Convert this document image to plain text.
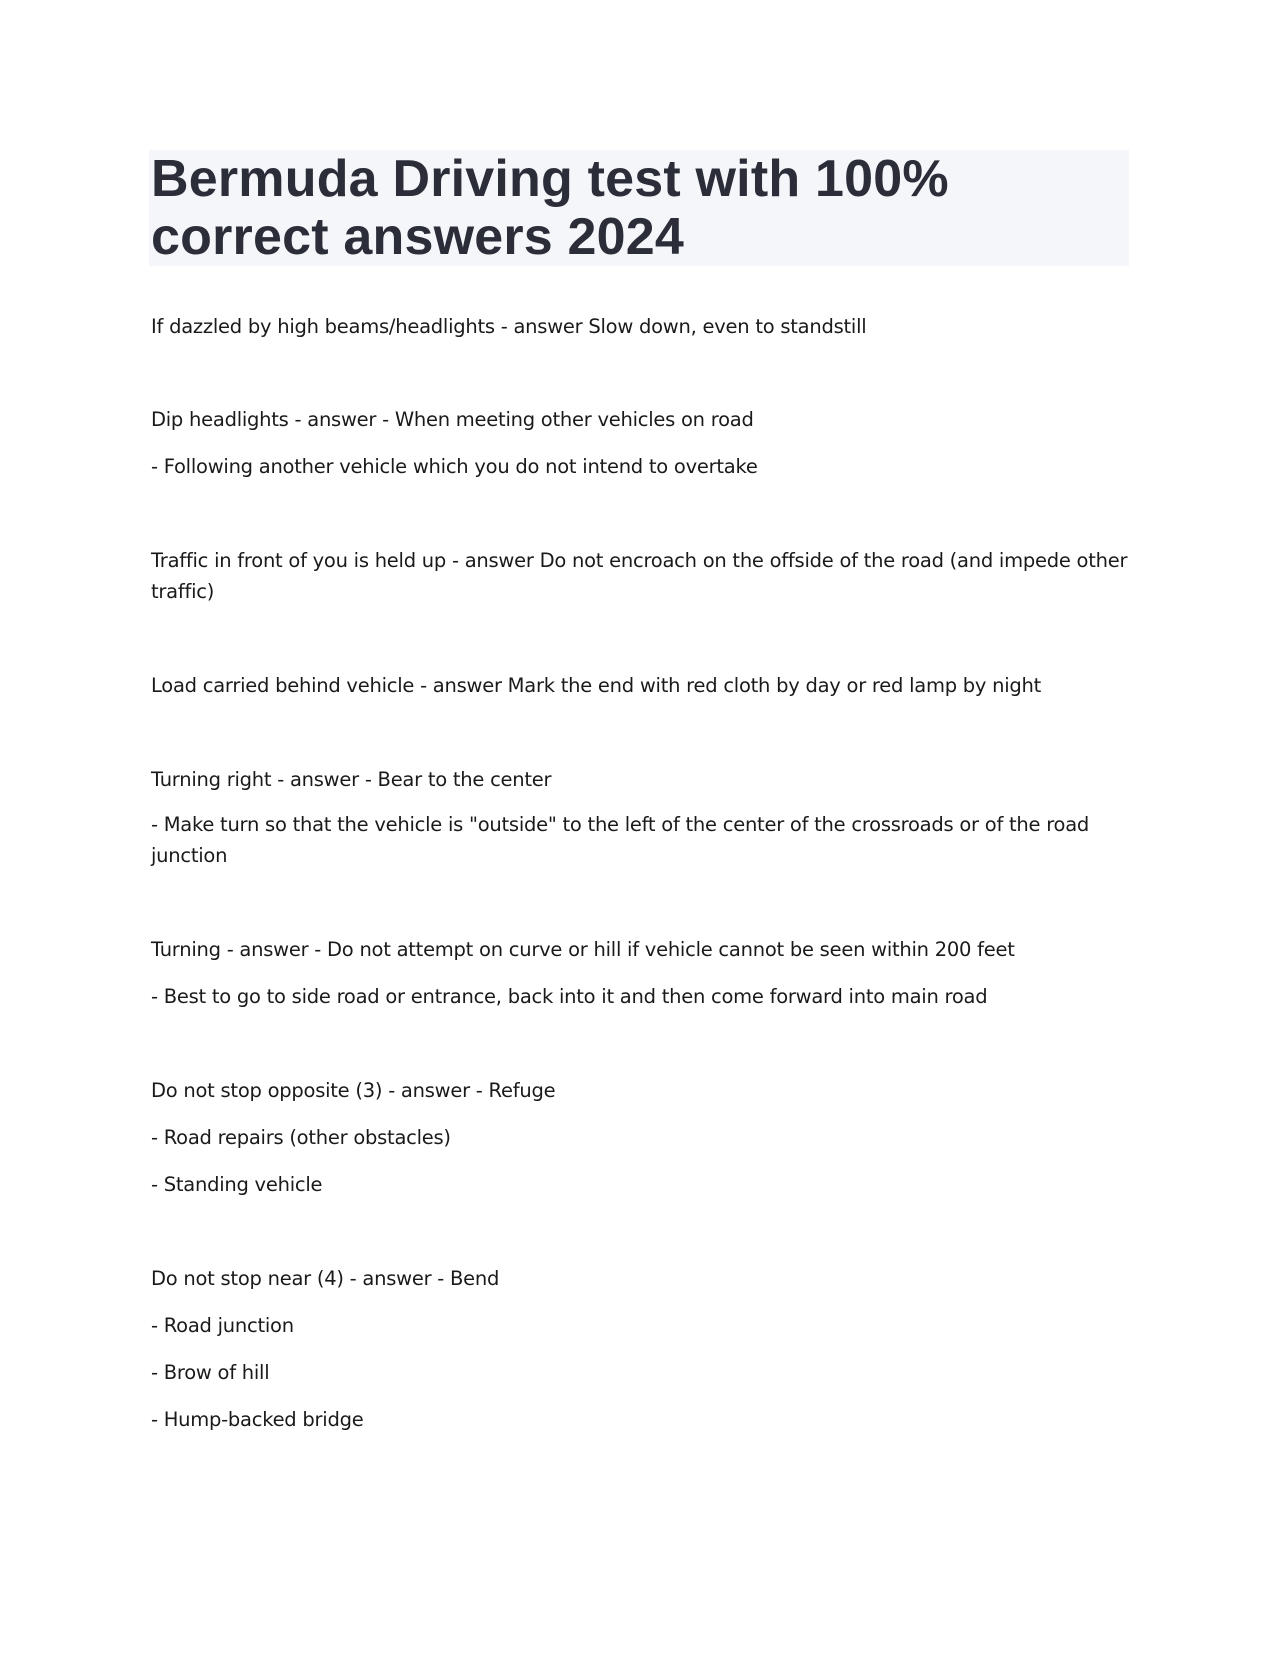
Bermuda Driving test with 100% correct answers 2024

If dazzled by high beams/headlights - answer Slow down, even to standstill

Dip headlights - answer - When meeting other vehicles on road

- Following another vehicle which you do not intend to overtake

Traffic in front of you is held up - answer Do not encroach on the offside of the road (and impede other traffic)

Load carried behind vehicle - answer Mark the end with red cloth by day or red lamp by night

Turning right - answer - Bear to the center

- Make turn so that the vehicle is "outside" to the left of the center of the crossroads or of the road junction

Turning - answer - Do not attempt on curve or hill if vehicle cannot be seen within 200 feet

- Best to go to side road or entrance, back into it and then come forward into main road

Do not stop opposite (3) - answer - Refuge

- Road repairs (other obstacles)

- Standing vehicle

Do not stop near (4) - answer - Bend

- Road junction

- Brow of hill

- Hump-backed bridge
